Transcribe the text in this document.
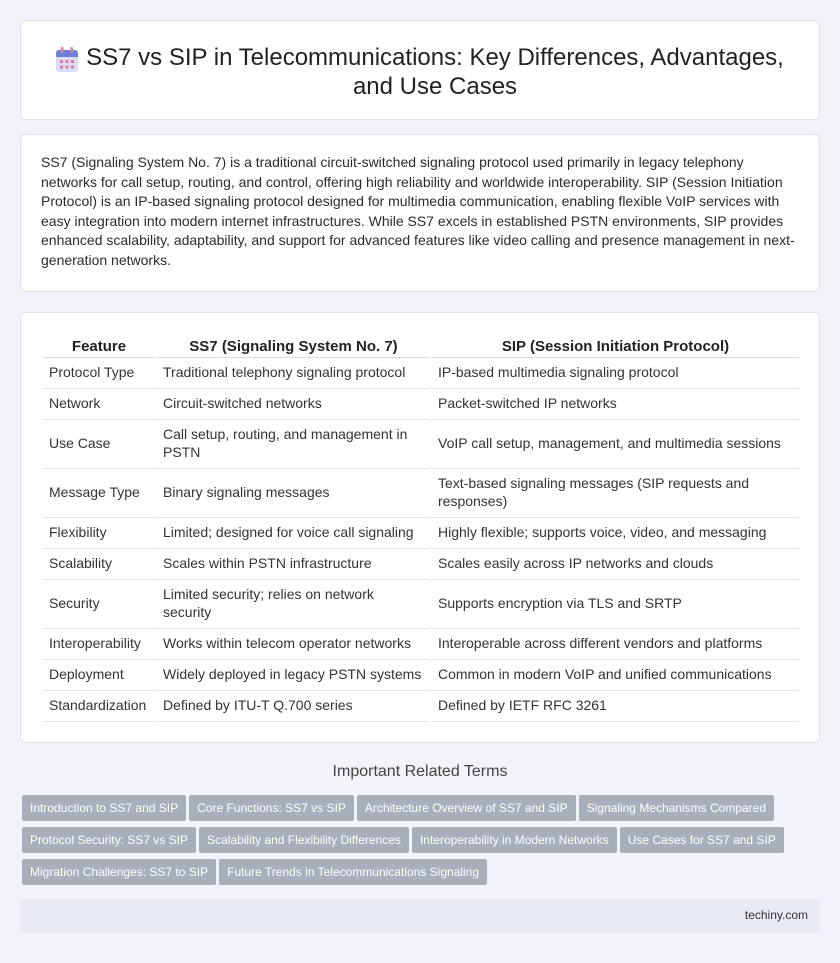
SS7 vs SIP in Telecommunications: Key Differences, Advantages, and Use Cases

SS7 (Signaling System No. 7) is a traditional circuit-switched signaling protocol used primarily in legacy telephony networks for call setup, routing, and control, offering high reliability and worldwide interoperability. SIP (Session Initiation Protocol) is an IP-based signaling protocol designed for multimedia communication, enabling flexible VoIP services with easy integration into modern internet infrastructures. While SS7 excels in established PSTN environments, SIP provides enhanced scalability, adaptability, and support for advanced features like video calling and presence management in next-generation networks.

Feature	SS7 (Signaling System No. 7)	SIP (Session Initiation Protocol)
Protocol Type	Traditional telephony signaling protocol	IP-based multimedia signaling protocol
Network	Circuit-switched networks	Packet-switched IP networks
Use Case	Call setup, routing, and management in PSTN	VoIP call setup, management, and multimedia sessions
Message Type	Binary signaling messages	Text-based signaling messages (SIP requests and responses)
Flexibility	Limited; designed for voice call signaling	Highly flexible; supports voice, video, and messaging
Scalability	Scales within PSTN infrastructure	Scales easily across IP networks and clouds
Security	Limited security; relies on network security	Supports encryption via TLS and SRTP
Interoperability	Works within telecom operator networks	Interoperable across different vendors and platforms
Deployment	Widely deployed in legacy PSTN systems	Common in modern VoIP and unified communications
Standardization	Defined by ITU-T Q.700 series	Defined by IETF RFC 3261
Important Related Terms
Introduction to SS7 and SIP Core Functions: SS7 vs SIP Architecture Overview of SS7 and SIP Signaling Mechanisms ComparedProtocol Security: SS7 vs SIP Scalability and Flexibility Differences Interoperability in Modern Networks Use Cases for SS7 and SIPMigration Challenges: SS7 to SIP Future Trends in Telecommunications Signaling
techiny.com
